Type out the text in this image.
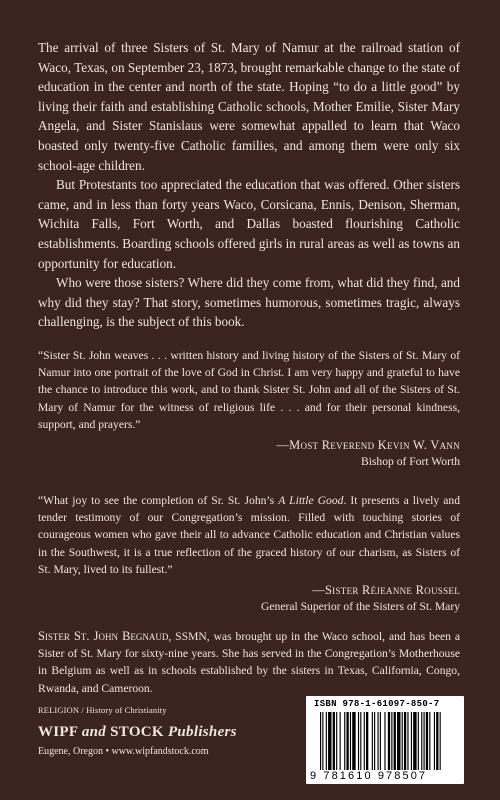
The arrival of three Sisters of St. Mary of Namur at the railroad station of Waco, Texas, on September 23, 1873, brought remarkable change to the state of education in the center and north of the state. Hoping “to do a little good” by living their faith and establishing Catholic schools, Mother Emilie, Sister Mary Angela, and Sister Stanislaus were somewhat appalled to learn that Waco boasted only twenty-five Catholic families, and among them were only six school-age children.

But Protestants too appreciated the education that was offered. Other sisters came, and in less than forty years Waco, Corsicana, Ennis, Denison, Sherman, Wichita Falls, Fort Worth, and Dallas boasted flourishing Catholic establishments. Boarding schools offered girls in rural areas as well as towns an opportunity for education.

Who were those sisters? Where did they come from, what did they find, and why did they stay? That story, sometimes humorous, sometimes tragic, always challenging, is the subject of this book.

“Sister St. John weaves . . . written history and living history of the Sisters of St. Mary of Namur into one portrait of the love of God in Christ. I am very happy and grateful to have the chance to introduce this work, and to thank Sister St. John and all of the Sisters of St. Mary of Namur for the witness of religious life . . . and for their personal kindness, support, and prayers.”

—Most Reverend Kevin W. Vann
Bishop of Fort Worth

“What joy to see the completion of Sr. St. John’s A Little Good. It presents a lively and tender testimony of our Congregation’s mission. Filled with touching stories of courageous women who gave their all to advance Catholic education and Christian values in the Southwest, it is a true reflection of the graced history of our charism, as Sisters of St. Mary, lived to its fullest.”

—Sister Réjeanne Roussel
General Superior of the Sisters of St. Mary
Sister St. John Begnaud, SSMN, was brought up in the Waco school, and has been a Sister of St. Mary for sixty-nine years. She has served in the Congregation’s Motherhouse in Belgium as well as in schools established by the sisters in Texas, California, Congo, Rwanda, and Cameroon.
RELIGION / History of Christianity
WIPF and STOCK Publishers
Eugene, Oregon • www.wipfandstock.com
ISBN 978-1-61097-850-7
9 781610 978507
